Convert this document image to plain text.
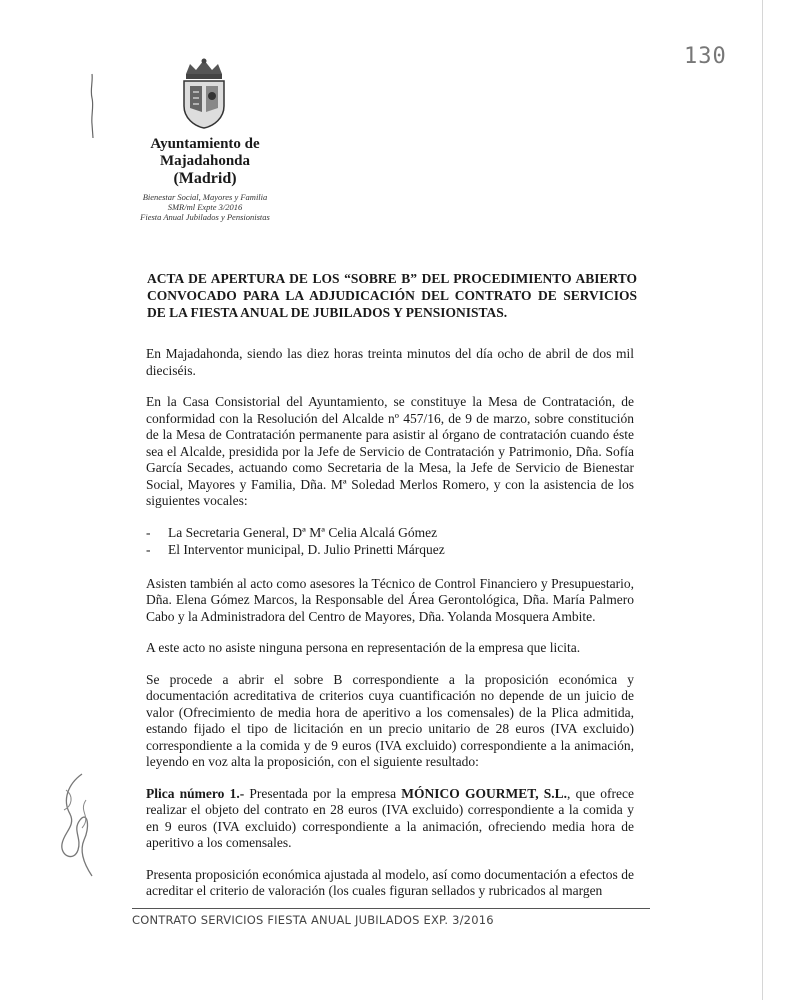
130
Ayuntamiento de
Majadahonda
(Madrid)
Bienestar Social, Mayores y Familia
SMR/ml Expte 3/2016
Fiesta Anual Jubilados y Pensionistas
ACTA DE APERTURA DE LOS “SOBRE B” DEL PROCEDIMIENTO ABIERTO CONVOCADO PARA LA ADJUDICACIÓN DEL CONTRATO DE SERVICIOS DE LA FIESTA ANUAL DE JUBILADOS Y PENSIONISTAS.

En Majadahonda, siendo las diez horas treinta minutos del día ocho de abril de dos mil dieciséis.

En la Casa Consistorial del Ayuntamiento, se constituye la Mesa de Contratación, de conformidad con la Resolución del Alcalde nº 457/16, de 9 de marzo, sobre constitución de la Mesa de Contratación permanente para asistir al órgano de contratación cuando éste sea el Alcalde, presidida por la Jefe de Servicio de Contratación y Patrimonio, Dña. Sofía García Secades, actuando como Secretaria de la Mesa, la Jefe de Servicio de Bienestar Social, Mayores y Familia, Dña. Mª Soledad Merlos Romero, y con la asistencia de los siguientes vocales:

- La Secretaria General, Dª Mª Celia Alcalá Gómez
- El Interventor municipal, D. Julio Prinetti Márquez

Asisten también al acto como asesores la Técnico de Control Financiero y Presupuestario, Dña. Elena Gómez Marcos, la Responsable del Área Gerontológica, Dña. María Palmero Cabo y la Administradora del Centro de Mayores, Dña. Yolanda Mosquera Ambite.

A este acto no asiste ninguna persona en representación de la empresa que licita.

Se procede a abrir el sobre B correspondiente a la proposición económica y documentación acreditativa de criterios cuya cuantificación no depende de un juicio de valor (Ofrecimiento de media hora de aperitivo a los comensales) de la Plica admitida, estando fijado el tipo de licitación en un precio unitario de 28 euros (IVA excluido) correspondiente a la comida y de 9 euros (IVA excluido) correspondiente a la animación, leyendo en voz alta la proposición, con el siguiente resultado:

Plica número 1.- Presentada por la empresa MÓNICO GOURMET, S.L., que ofrece realizar el objeto del contrato en 28 euros (IVA excluido) correspondiente a la comida y en 9 euros (IVA excluido) correspondiente a la animación, ofreciendo media hora de aperitivo a los comensales.

Presenta proposición económica ajustada al modelo, así como documentación a efectos de acreditar el criterio de valoración (los cuales figuran sellados y rubricados al margen

CONTRATO SERVICIOS FIESTA ANUAL JUBILADOS EXP. 3/2016
